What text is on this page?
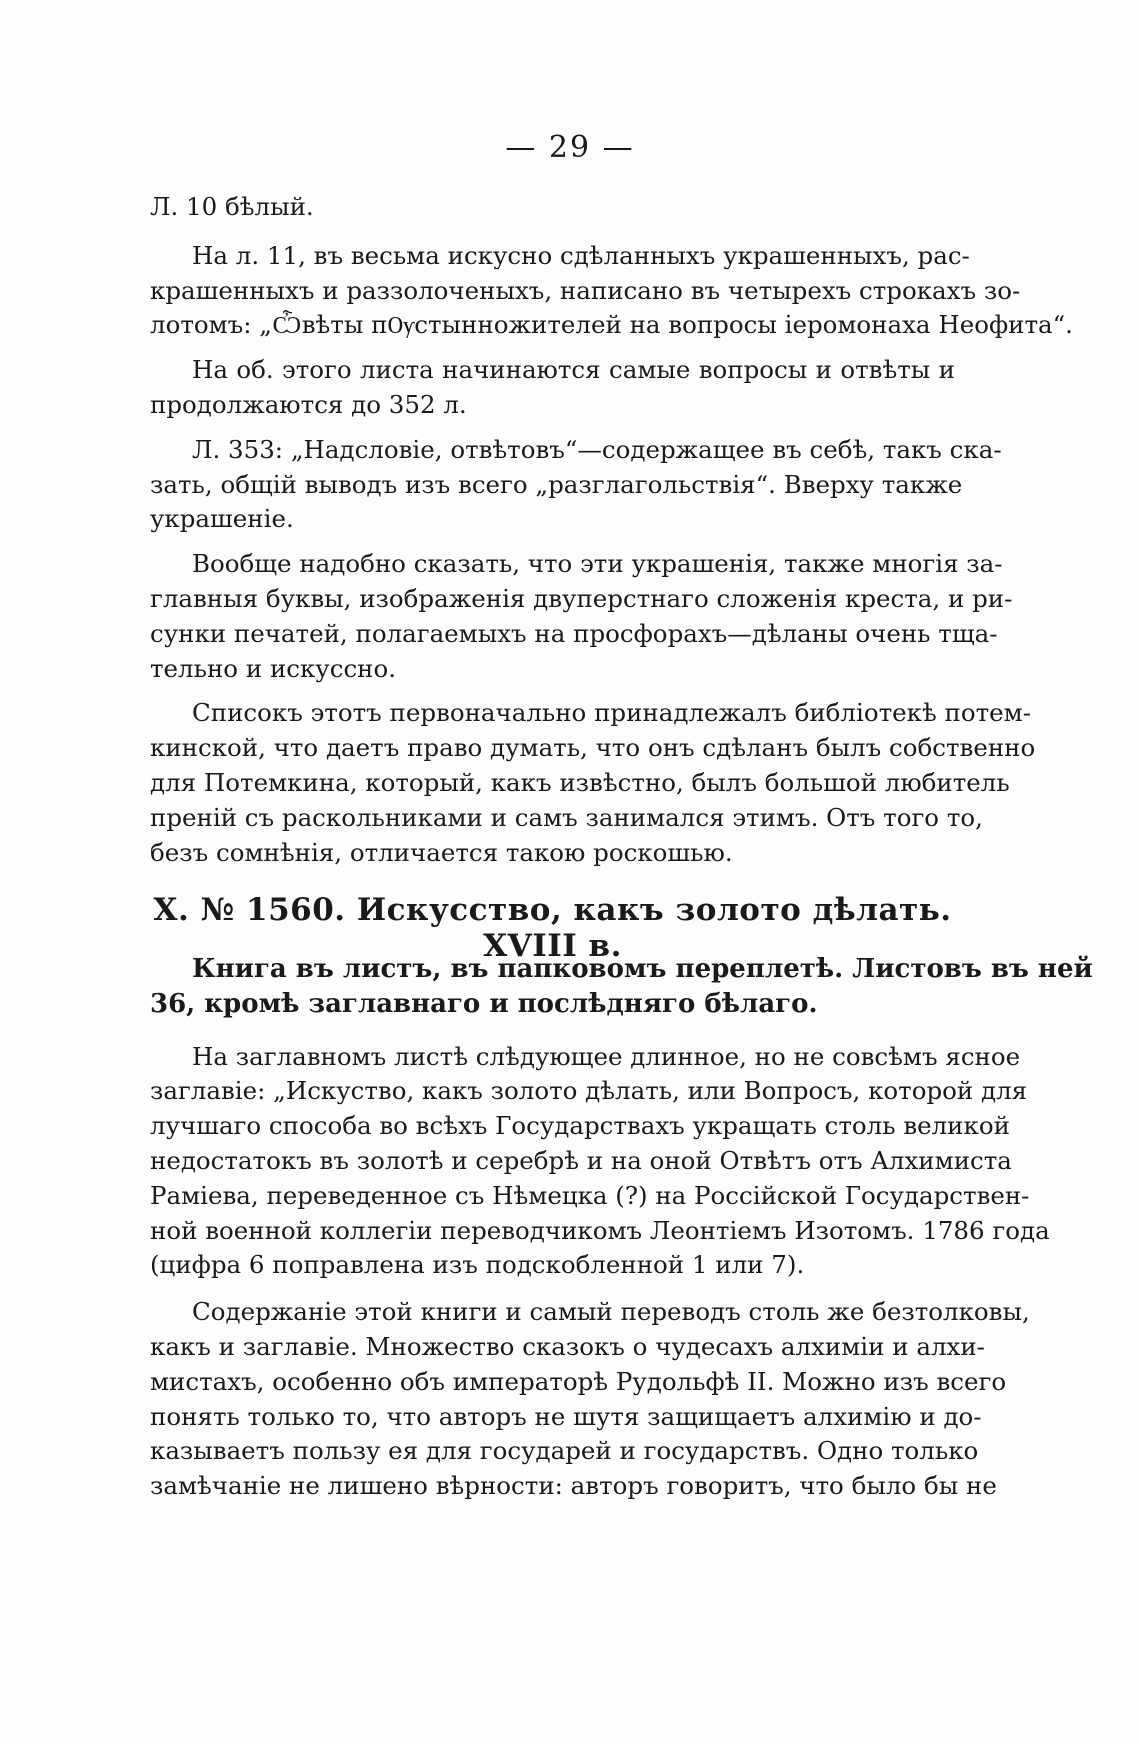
— 29 —

Л. 10 бѣлый.

На л. 11, въ весьма искусно сдѣланныхъ украшенныхъ, рас-
крашенныхъ и раззолоченыхъ, написано въ четырехъ строкахъ зо-
лотомъ: „Ѽвѣты пѸстынножителей на вопросы іеромонаха Неофита“.

На об. этого листа начинаются самые вопросы и отвѣты и
продолжаются до 352 л.

Л. 353: „Надсловіе, отвѣтовъ“—содержащее въ себѣ, такъ ска-
зать, общій выводъ изъ всего „разглагольствія“. Вверху также
украшеніе.

Вообще надобно сказать, что эти украшенія, также многія за-
главныя буквы, изображенія двуперстнаго сложенія креста, и ри-
сунки печатей, полагаемыхъ на просфорахъ—дѣланы очень тща-
тельно и искуссно.

Списокъ этотъ первоначально принадлежалъ библіотекѣ потем-
кинской, что даетъ право думать, что онъ сдѣланъ былъ собственно
для Потемкина, который, какъ извѣстно, былъ большой любитель
преній съ раскольниками и самъ занимался этимъ. Отъ того то,
безъ сомнѣнія, отличается такою роскошью.

X. № 1560. Искусство, какъ золото дѣлать. XVIII в.

Книга въ листъ, въ папковомъ переплетѣ. Листовъ въ ней
36, кромѣ заглавнаго и послѣдняго бѣлаго.

На заглавномъ листѣ слѣдующее длинное, но не совсѣмъ ясное
заглавіе: „Искуство, какъ золото дѣлать, или Вопросъ, которой для
лучшаго способа во всѣхъ Государствахъ укращать столь великой
недостатокъ въ золотѣ и серебрѣ и на оной Отвѣтъ отъ Алхимиста
Раміева, переведенное съ Нѣмецка (?) на Россійской Государствен-
ной военной коллегіи переводчикомъ Леонтіемъ Изотомъ. 1786 года
(цифра 6 поправлена изъ подскобленной 1 или 7).

Содержаніе этой книги и самый переводъ столь же безтолковы,
какъ и заглавіе. Множество сказокъ о чудесахъ алхиміи и алхи-
мистахъ, особенно объ императорѣ Рудольфѣ II. Можно изъ всего
понять только то, что авторъ не шутя защищаетъ алхимію и до-
казываетъ пользу ея для государей и государствъ. Одно только
замѣчаніе не лишено вѣрности: авторъ говоритъ, что было бы не
